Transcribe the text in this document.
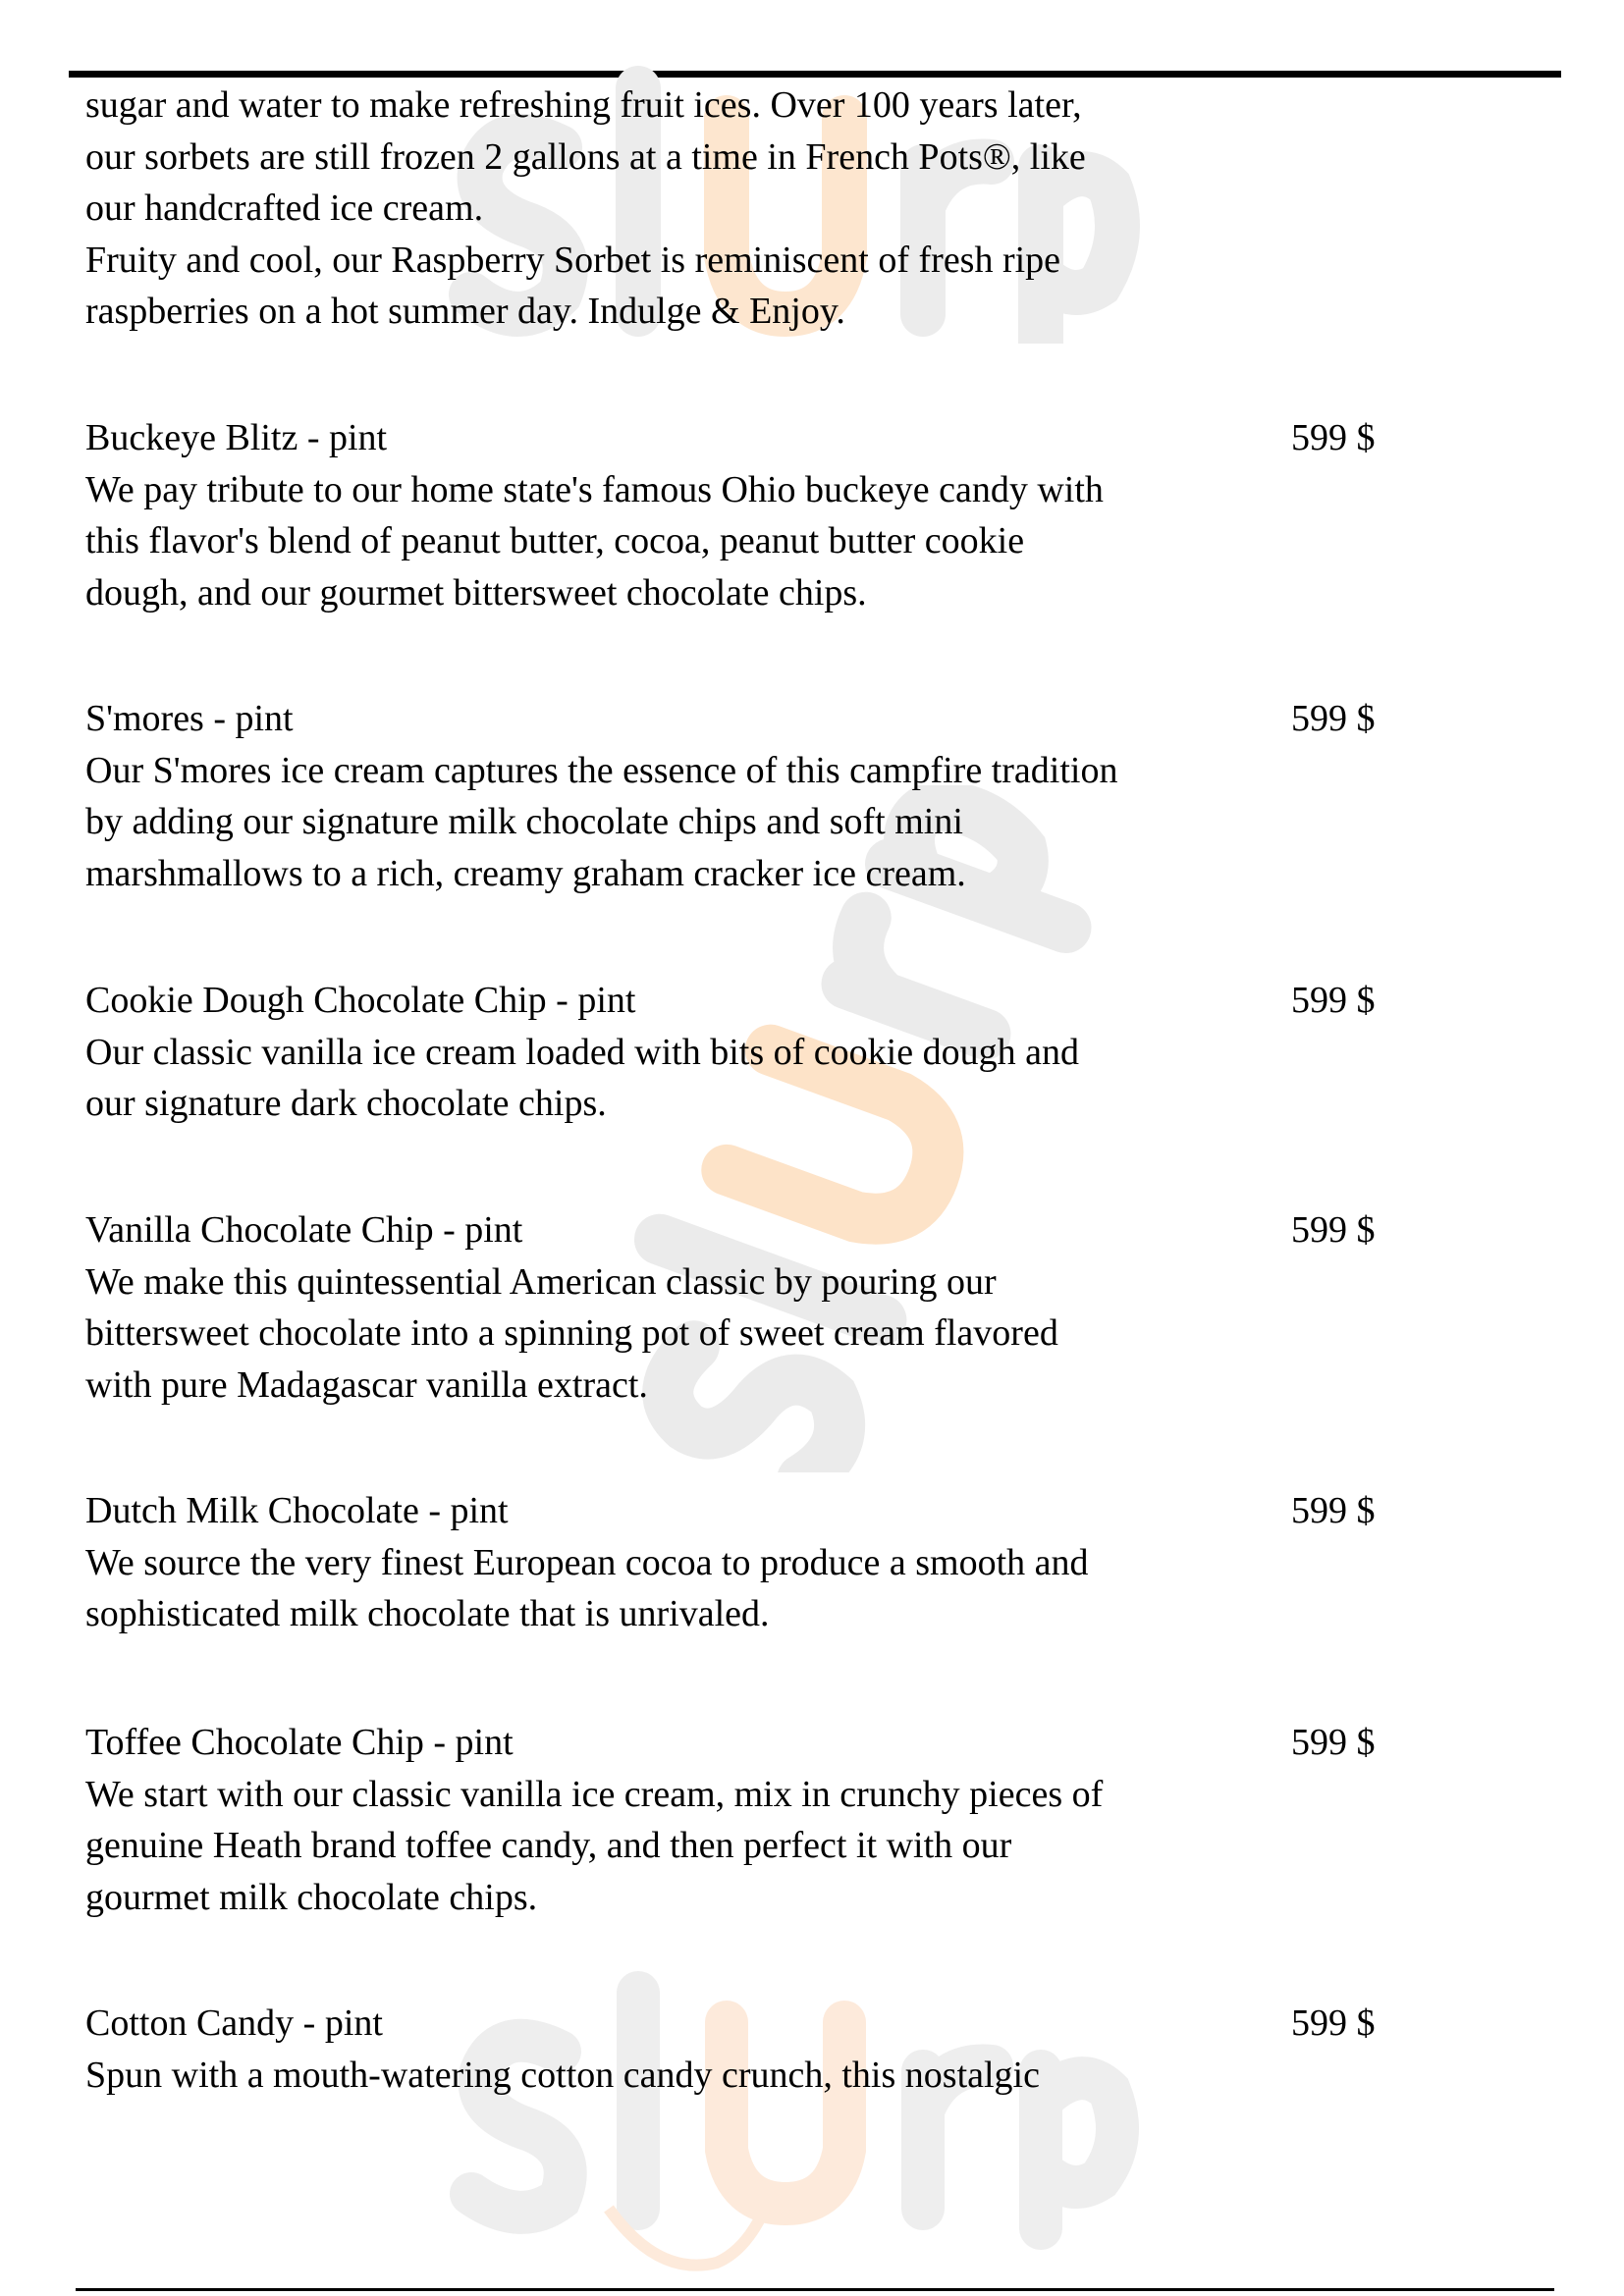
sugar and water to make refreshing fruit ices. Over 100 years later,
our sorbets are still frozen 2 gallons at a time in French Pots®, like
our handcrafted ice cream.
Fruity and cool, our Raspberry Sorbet is reminiscent of fresh ripe
raspberries on a hot summer day. Indulge & Enjoy.
Buckeye Blitz - pint
We pay tribute to our home state's famous Ohio buckeye candy with
this flavor's blend of peanut butter, cocoa, peanut butter cookie
dough, and our gourmet bittersweet chocolate chips.
599 $
S'mores - pint
Our S'mores ice cream captures the essence of this campfire tradition
by adding our signature milk chocolate chips and soft mini
marshmallows to a rich, creamy graham cracker ice cream.
599 $
Cookie Dough Chocolate Chip - pint
Our classic vanilla ice cream loaded with bits of cookie dough and
our signature dark chocolate chips.
599 $
Vanilla Chocolate Chip - pint
We make this quintessential American classic by pouring our
bittersweet chocolate into a spinning pot of sweet cream flavored
with pure Madagascar vanilla extract.
599 $
Dutch Milk Chocolate - pint
We source the very finest European cocoa to produce a smooth and
sophisticated milk chocolate that is unrivaled.
599 $
Toffee Chocolate Chip - pint
We start with our classic vanilla ice cream, mix in crunchy pieces of
genuine Heath brand toffee candy, and then perfect it with our
gourmet milk chocolate chips.
599 $
Cotton Candy - pint
Spun with a mouth-watering cotton candy crunch, this nostalgic
599 $
